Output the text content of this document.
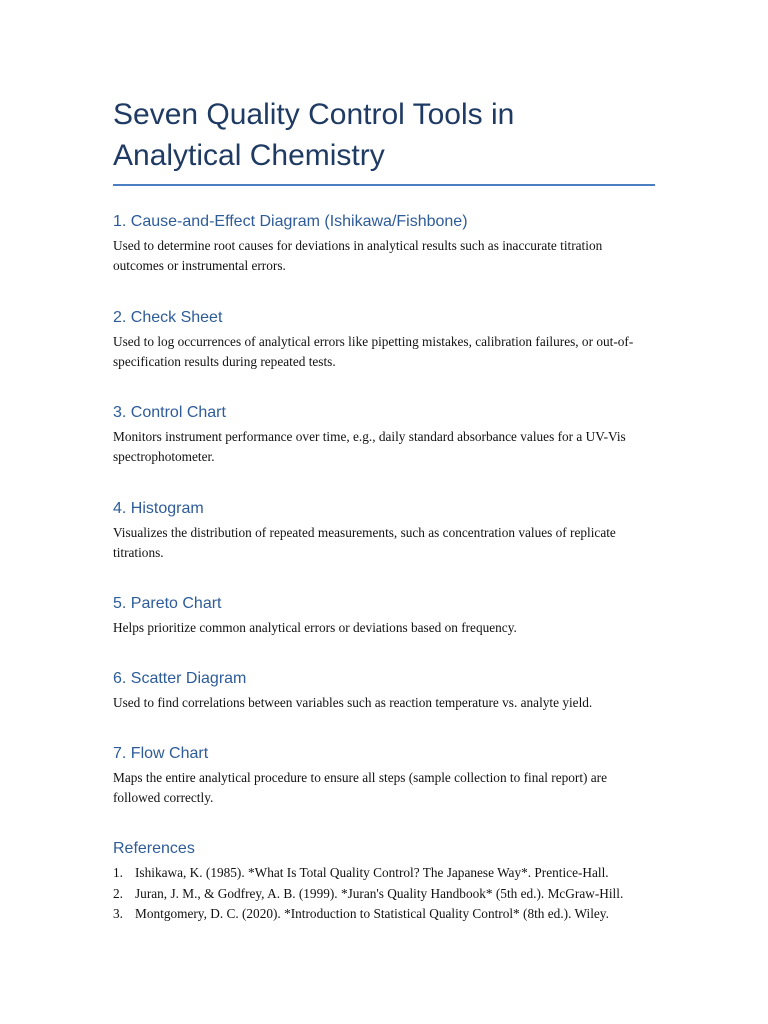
Seven Quality Control Tools in
Analytical Chemistry
1. Cause-and-Effect Diagram (Ishikawa/Fishbone)

Used to determine root causes for deviations in analytical results such as inaccurate titration outcomes or instrumental errors.

2. Check Sheet

Used to log occurrences of analytical errors like pipetting mistakes, calibration failures, or out-of-specification results during repeated tests.

3. Control Chart

Monitors instrument performance over time, e.g., daily standard absorbance values for a UV-Vis spectrophotometer.

4. Histogram

Visualizes the distribution of repeated measurements, such as concentration values of replicate titrations.

5. Pareto Chart

Helps prioritize common analytical errors or deviations based on frequency.

6. Scatter Diagram

Used to find correlations between variables such as reaction temperature vs. analyte yield.

7. Flow Chart

Maps the entire analytical procedure to ensure all steps (sample collection to final report) are followed correctly.

References
1. Ishikawa, K. (1985). *What Is Total Quality Control? The Japanese Way*. Prentice-Hall.
2. Juran, J. M., & Godfrey, A. B. (1999). *Juran's Quality Handbook* (5th ed.). McGraw-Hill.
3. Montgomery, D. C. (2020). *Introduction to Statistical Quality Control* (8th ed.). Wiley.
